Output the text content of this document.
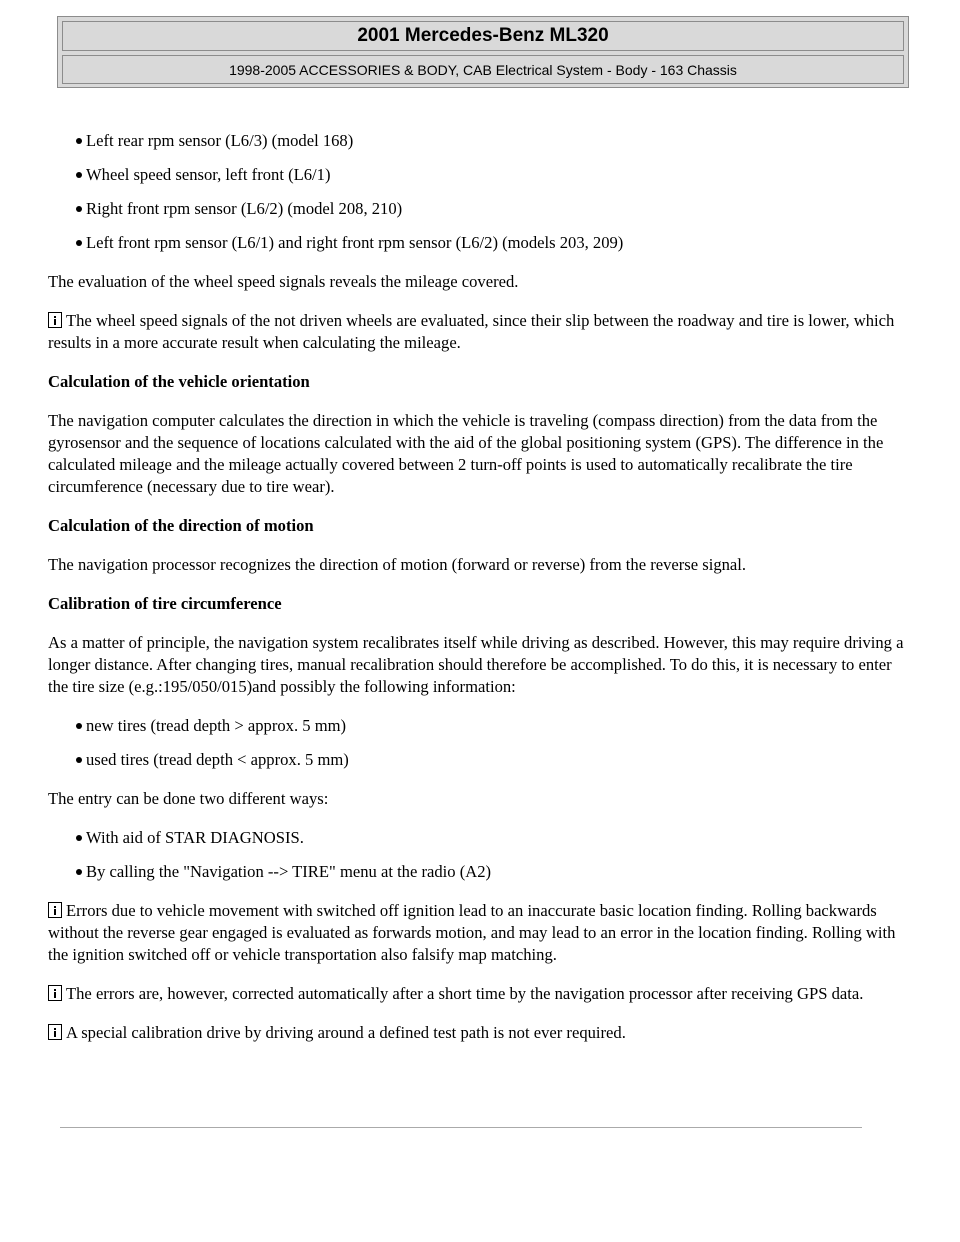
2001 Mercedes-Benz ML320
1998-2005 ACCESSORIES & BODY, CAB Electrical System - Body - 163 Chassis
Left rear rpm sensor (L6/3) (model 168)
Wheel speed sensor, left front (L6/1)
Right front rpm sensor (L6/2) (model 208, 210)
Left front rpm sensor (L6/1) and right front rpm sensor (L6/2) (models 203, 209)

The evaluation of the wheel speed signals reveals the mileage covered.

The wheel speed signals of the not driven wheels are evaluated, since their slip between the roadway and tire is lower, which results in a more accurate result when calculating the mileage.

Calculation of the vehicle orientation

The navigation computer calculates the direction in which the vehicle is traveling (compass direction) from the data from the gyrosensor and the sequence of locations calculated with the aid of the global positioning system (GPS). The difference in the calculated mileage and the mileage actually covered between 2 turn-off points is used to automatically recalibrate the tire circumference (necessary due to tire wear).

Calculation of the direction of motion

The navigation processor recognizes the direction of motion (forward or reverse) from the reverse signal.

Calibration of tire circumference

As a matter of principle, the navigation system recalibrates itself while driving as described. However, this may require driving a longer distance. After changing tires, manual recalibration should therefore be accomplished. To do this, it is necessary to enter the tire size (e.g.:195/050/015)and possibly the following information:

new tires (tread depth > approx. 5 mm)
used tires (tread depth < approx. 5 mm)

The entry can be done two different ways:

With aid of STAR DIAGNOSIS.
By calling the "Navigation --> TIRE" menu at the radio (A2)

Errors due to vehicle movement with switched off ignition lead to an inaccurate basic location finding. Rolling backwards without the reverse gear engaged is evaluated as forwards motion, and may lead to an error in the location finding. Rolling with the ignition switched off or vehicle transportation also falsify map matching.

The errors are, however, corrected automatically after a short time by the navigation processor after receiving GPS data.

A special calibration drive by driving around a defined test path is not ever required.
